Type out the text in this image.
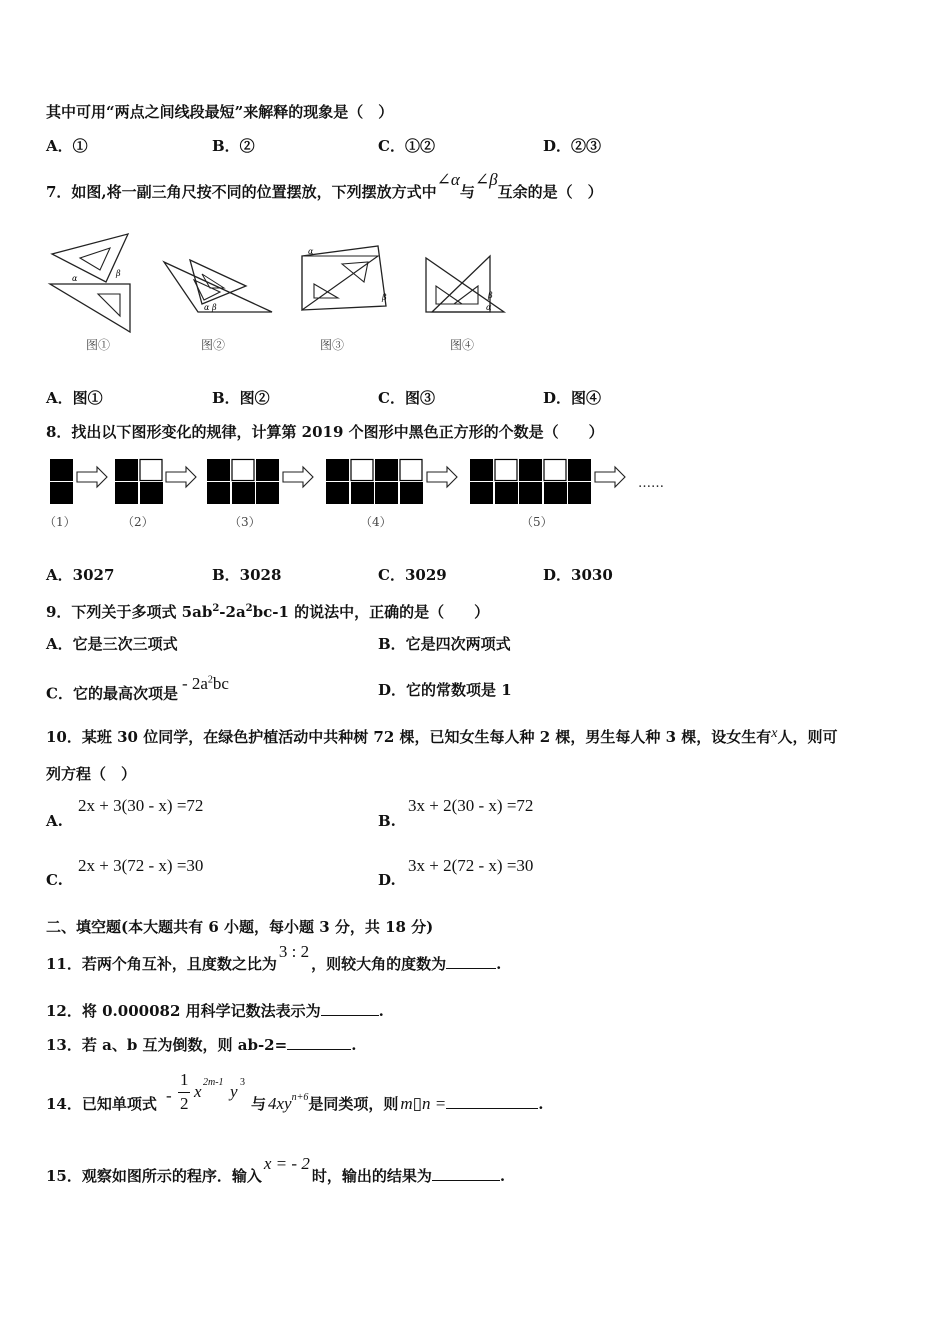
其中可用“两点之间线段最短”来解释的现象是（　）
A．①	B．②	C．①②	D．②③
7．如图,将一副三角尺按不同的位置摆放，下列摆放方式中∠α与∠β互余的是（　）
α
β
图①
α β
图②
α
β
图③
β
α
图④
A．图①	B．图②	C．图③	D．图④
8．找出以下图形变化的规律，计算第 2019 个图形中黑色正方形的个数是（　　）
……
（1）	（2）	（3）	（4）	（5）
A．3027	B．3028	C．3029	D．3030
9．下列关于多项式 $5ab^2-2a^2bc-1$ 的说法中，正确的是（　　）
A．它是三次三项式	B．它是四次两项式
C．它的最高次项是- $2a^2bc$	D．它的常数项是 1
10．某班 30 位同学，在绿色护植活动中共种树 72 棵，已知女生每人种 2 棵，男生每人种 3 棵，设女生有x人，则可
列方程（　）
A.
2x + 3(30 - x) =72
B.
3x + 2(30 - x) =72
C.
2x + 3(72 - x) =30
D.
3x + 2(72 - x) =30
二、填空题(本大题共有 6 小题，每小题 3 分，共 18 分)
11．若两个角互补，且度数之比为3 : 2，则较大角的度数为	.
12．将 0.000082 用科学记数法表示为	.
13．若 a、b 互为倒数，则 ab-2=	.
14．已知单项式 -
1
2
x 2m-1 y 3
与 $4xy^{n+6}$是同类项，则 m▯n =	.
15．观察如图所示的程序．输入x = - 2时，输出的结果为	.
